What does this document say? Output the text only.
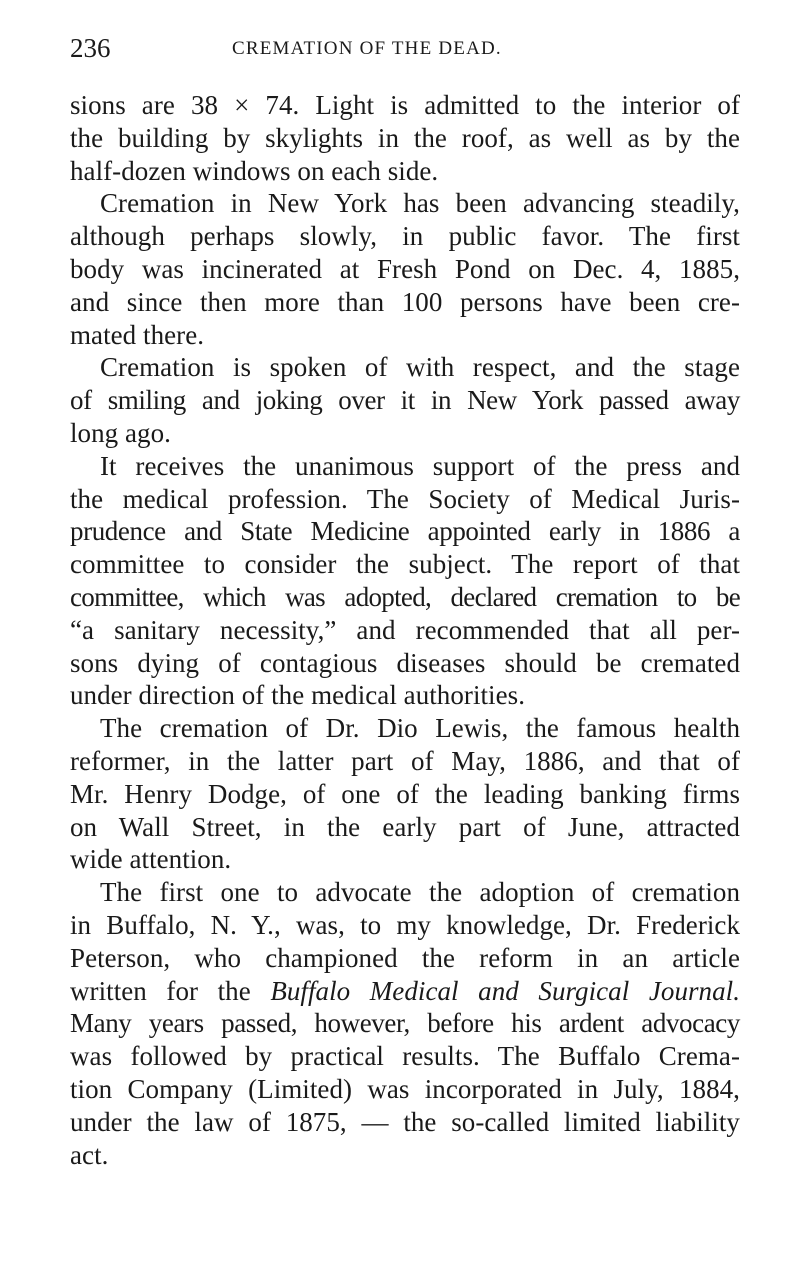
236	CREMATION OF THE DEAD.
sions are 38 × 74. Light is admitted to the interior of
the building by skylights in the roof, as well as by the
half-dozen windows on each side.
Cremation in New York has been advancing steadily,
although perhaps slowly, in public favor. The first
body was incinerated at Fresh Pond on Dec. 4, 1885,
and since then more than 100 persons have been cre-
mated there.
Cremation is spoken of with respect, and the stage
of smiling and joking over it in New York passed away
long ago.
It receives the unanimous support of the press and
the medical profession. The Society of Medical Juris-
prudence and State Medicine appointed early in 1886 a
committee to consider the subject. The report of that
committee, which was adopted, declared cremation to be
“a sanitary necessity,” and recommended that all per-
sons dying of contagious diseases should be cremated
under direction of the medical authorities.
The cremation of Dr. Dio Lewis, the famous health
reformer, in the latter part of May, 1886, and that of
Mr. Henry Dodge, of one of the leading banking firms
on Wall Street, in the early part of June, attracted
wide attention.
The first one to advocate the adoption of cremation
in Buffalo, N. Y., was, to my knowledge, Dr. Frederick
Peterson, who championed the reform in an article
written for the Buffalo Medical and Surgical Journal.
Many years passed, however, before his ardent advocacy
was followed by practical results. The Buffalo Crema-
tion Company (Limited) was incorporated in July, 1884,
under the law of 1875, — the so-called limited liability
act.
